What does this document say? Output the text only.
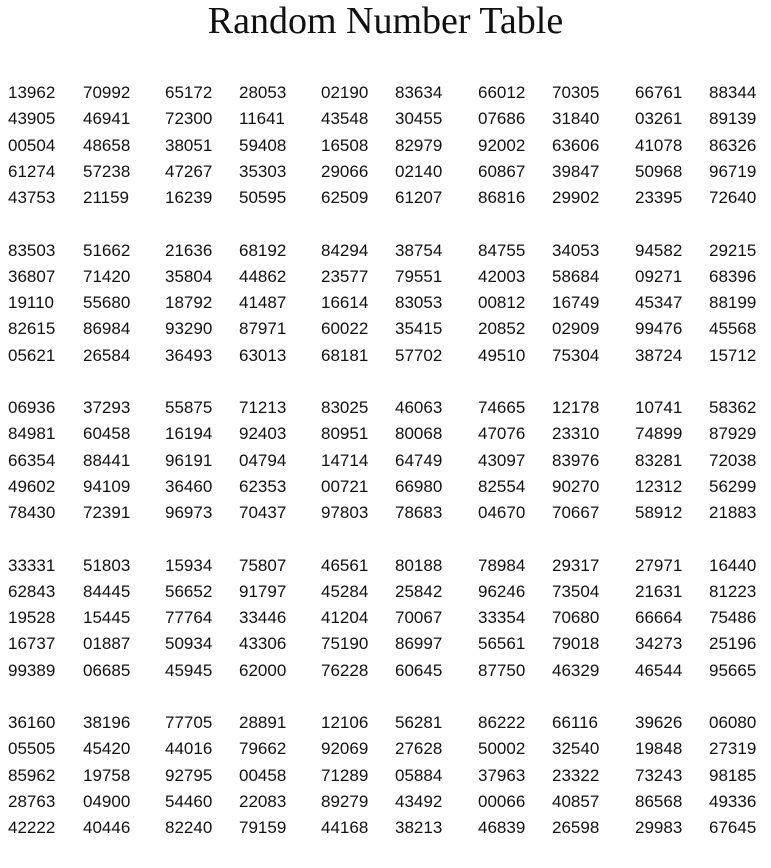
Random Number Table
13962 70992 65172 28053 02190 83634 66012 70305 66761 88344
43905 46941 72300 11641 43548 30455 07686 31840 03261 89139
00504 48658 38051 59408 16508 82979 92002 63606 41078 86326
61274 57238 47267 35303 29066 02140 60867 39847 50968 96719
43753 21159 16239 50595 62509 61207 86816 29902 23395 72640
83503 51662 21636 68192 84294 38754 84755 34053 94582 29215
36807 71420 35804 44862 23577 79551 42003 58684 09271 68396
19110 55680 18792 41487 16614 83053 00812 16749 45347 88199
82615 86984 93290 87971 60022 35415 20852 02909 99476 45568
05621 26584 36493 63013 68181 57702 49510 75304 38724 15712
06936 37293 55875 71213 83025 46063 74665 12178 10741 58362
84981 60458 16194 92403 80951 80068 47076 23310 74899 87929
66354 88441 96191 04794 14714 64749 43097 83976 83281 72038
49602 94109 36460 62353 00721 66980 82554 90270 12312 56299
78430 72391 96973 70437 97803 78683 04670 70667 58912 21883
33331 51803 15934 75807 46561 80188 78984 29317 27971 16440
62843 84445 56652 91797 45284 25842 96246 73504 21631 81223
19528 15445 77764 33446 41204 70067 33354 70680 66664 75486
16737 01887 50934 43306 75190 86997 56561 79018 34273 25196
99389 06685 45945 62000 76228 60645 87750 46329 46544 95665
36160 38196 77705 28891 12106 56281 86222 66116 39626 06080
05505 45420 44016 79662 92069 27628 50002 32540 19848 27319
85962 19758 92795 00458 71289 05884 37963 23322 73243 98185
28763 04900 54460 22083 89279 43492 00066 40857 86568 49336
42222 40446 82240 79159 44168 38213 46839 26598 29983 67645
